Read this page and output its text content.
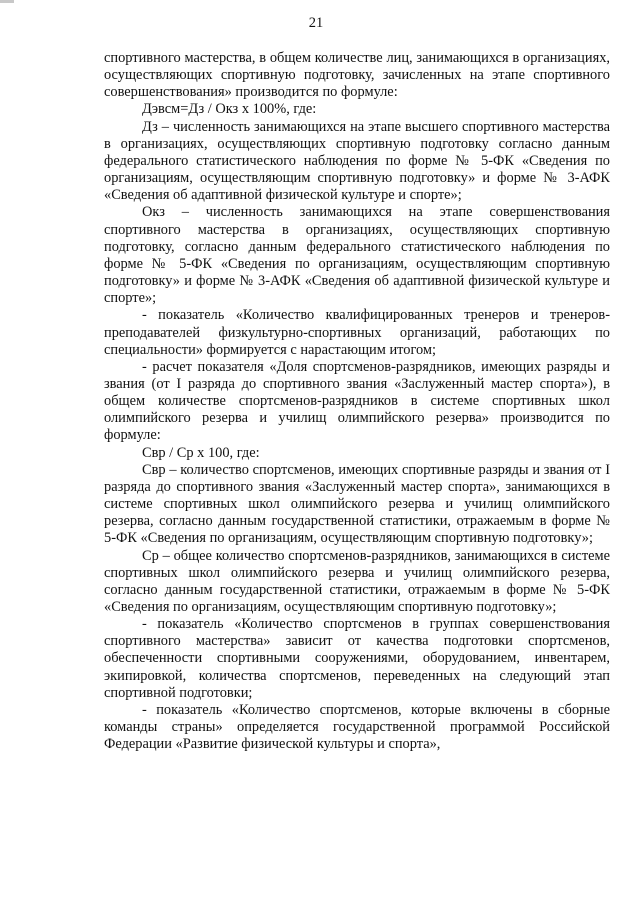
21

спортивного мастерства, в общем количестве лиц, занимающихся в организациях, осуществляющих спортивную подготовку, зачисленных на этапе спортивного совершенствования» производится по формуле:

Дэвсм=Дз / Окз х 100%, где:

Дз – численность занимающихся на этапе высшего спортивного мастерства в организациях, осуществляющих спортивную подготовку согласно данным федерального статистического наблюдения по форме № 5-ФК «Сведения по организациям, осуществляющим спортивную подготовку» и форме № 3-АФК «Сведения об адаптивной физической культуре и спорте»;

Окз – численность занимающихся на этапе совершенствования спортивного мастерства в организациях, осуществляющих спортивную подготовку, согласно данным федерального статистического наблюдения по форме № 5-ФК «Сведения по организациям, осуществляющим спортивную подготовку» и форме № 3-АФК «Сведения об адаптивной физической культуре и спорте»;

- показатель «Количество квалифицированных тренеров и тренеров-преподавателей физкультурно-спортивных организаций, работающих по специальности» формируется с нарастающим итогом;

- расчет показателя «Доля спортсменов-разрядников, имеющих разряды и звания (от I разряда до спортивного звания «Заслуженный мастер спорта»), в общем количестве спортсменов-разрядников в системе спортивных школ олимпийского резерва и училищ олимпийского резерва» производится по формуле:

Свр / Ср х 100, где:

Свр – количество спортсменов, имеющих спортивные разряды и звания от I разряда до спортивного звания «Заслуженный мастер спорта», занимающихся в системе спортивных школ олимпийского резерва и училищ олимпийского резерва, согласно данным государственной статистики, отражаемым в форме № 5-ФК «Сведения по организациям, осуществляющим спортивную подготовку»;

Ср – общее количество спортсменов-разрядников, занимающихся в системе спортивных школ олимпийского резерва и училищ олимпийского резерва, согласно данным государственной статистики, отражаемым в форме № 5-ФК «Сведения по организациям, осуществляющим спортивную подготовку»;

- показатель «Количество спортсменов в группах совершенствования спортивного мастерства» зависит от качества подготовки спортсменов, обеспеченности спортивными сооружениями, оборудованием, инвентарем, экипировкой, количества спортсменов, переведенных на следующий этап спортивной подготовки;

- показатель «Количество спортсменов, которые включены в сборные команды страны» определяется государственной программой Российской Федерации «Развитие физической культуры и спорта»,
